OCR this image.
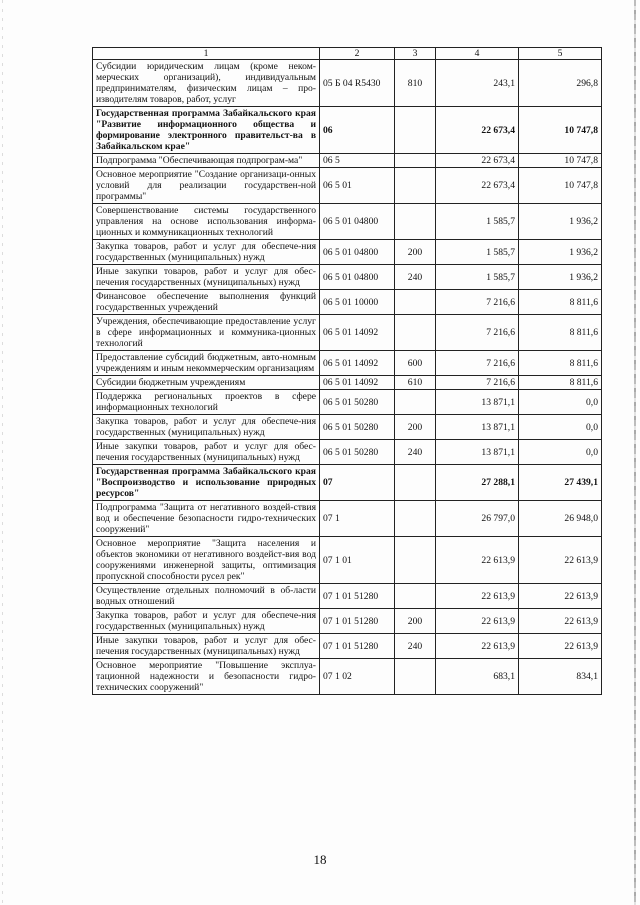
1	2	3	4	5
Субсидии юридическим лицам (кроме неком-мерческих организаций), индивидуальным предпринимателям, физическим лицам – про-изводителям товаров, работ, услуг	05 Б 04 R5430	810	243,1	296,8
Государственная программа Забайкальского края "Развитие информационного общества и формирование электронного правительст-ва в Забайкальском крае"	06		22 673,4	10 747,8
Подпрограмма "Обеспечивающая подпрограм-ма"	06 5		22 673,4	10 747,8
Основное мероприятие "Создание организаци-онных условий для реализации государствен-ной программы"	06 5 01		22 673,4	10 747,8
Совершенствование системы государственного управления на основе использования информа-ционных и коммуникационных технологий	06 5 01 04800		1 585,7	1 936,2
Закупка товаров, работ и услуг для обеспече-ния государственных (муниципальных) нужд	06 5 01 04800	200	1 585,7	1 936,2
Иные закупки товаров, работ и услуг для обес-печения государственных (муниципальных) нужд	06 5 01 04800	240	1 585,7	1 936,2
Финансовое обеспечение выполнения функций государственных учреждений	06 5 01 10000		7 216,6	8 811,6
Учреждения, обеспечивающие предоставление услуг в сфере информационных и коммуника-ционных технологий	06 5 01 14092		7 216,6	8 811,6
Предоставление субсидий бюджетным, авто-номным учреждениям и иным некоммерческим организациям	06 5 01 14092	600	7 216,6	8 811,6
Субсидии бюджетным учреждениям	06 5 01 14092	610	7 216,6	8 811,6
Поддержка региональных проектов в сфере информационных технологий	06 5 01 50280		13 871,1	0,0
Закупка товаров, работ и услуг для обеспече-ния государственных (муниципальных) нужд	06 5 01 50280	200	13 871,1	0,0
Иные закупки товаров, работ и услуг для обес-печения государственных (муниципальных) нужд	06 5 01 50280	240	13 871,1	0,0
Государственная программа Забайкальского края "Воспроизводство и использование природных ресурсов"	07		27 288,1	27 439,1
Подпрограмма "Защита от негативного воздей-ствия вод и обеспечение безопасности гидро-технических сооружений"	07 1		26 797,0	26 948,0
Основное мероприятие "Защита населения и объектов экономики от негативного воздейст-вия вод сооружениями инженерной защиты, оптимизация пропускной способности русел рек"	07 1 01		22 613,9	22 613,9
Осуществление отдельных полномочий в об-ласти водных отношений	07 1 01 51280		22 613,9	22 613,9
Закупка товаров, работ и услуг для обеспече-ния государственных (муниципальных) нужд	07 1 01 51280	200	22 613,9	22 613,9
Иные закупки товаров, работ и услуг для обес-печения государственных (муниципальных) нужд	07 1 01 51280	240	22 613,9	22 613,9
Основное мероприятие "Повышение эксплуа-тационной надежности и безопасности гидро-технических сооружений"	07 1 02		683,1	834,1
18
